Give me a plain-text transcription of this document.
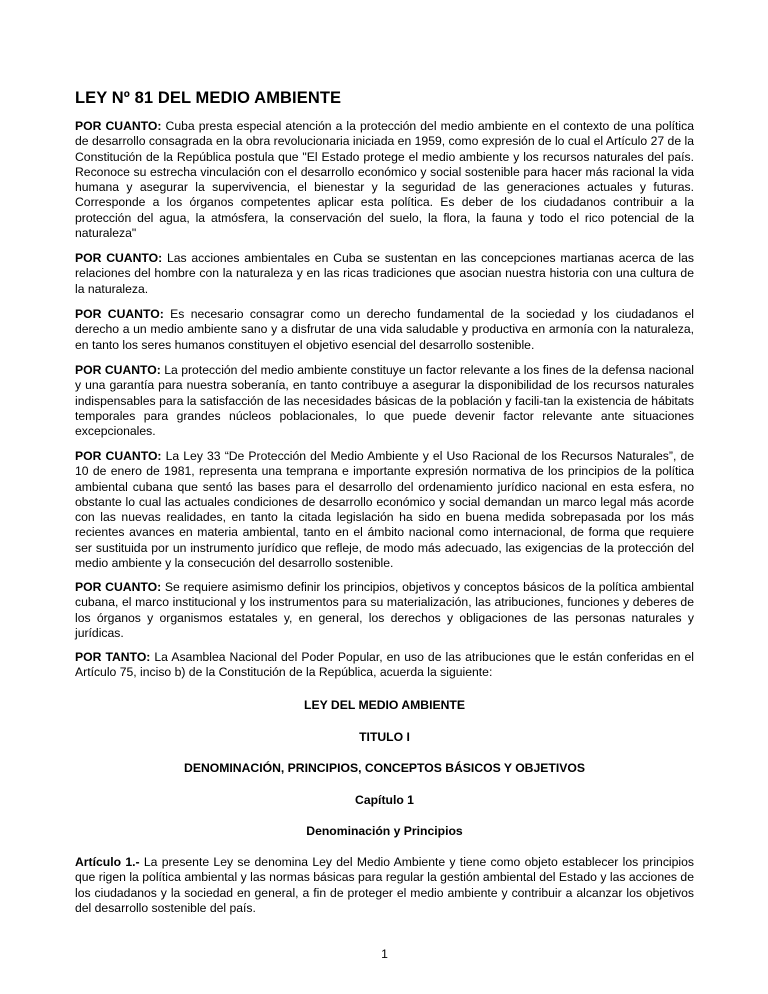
LEY Nº 81 DEL MEDIO AMBIENTE

POR CUANTO: Cuba presta especial atención a la protección del medio ambiente en el contexto de una política de desarrollo consagrada en la obra revolucionaria iniciada en 1959, como expresión de lo cual el Artículo 27 de la Constitución de la República postula que "El Estado protege el medio ambiente y los recursos naturales del país. Reconoce su estrecha vinculación con el desarrollo económico y social sostenible para hacer más racional la vida humana y asegurar la supervivencia, el bienestar y la seguridad de las generaciones actuales y futuras. Corresponde a los órganos competentes aplicar esta política. Es deber de los ciudadanos contribuir a la protección del agua, la atmósfera, la conservación del suelo, la flora, la fauna y todo el rico potencial de la naturaleza"

POR CUANTO: Las acciones ambientales en Cuba se sustentan en las concepciones martianas acerca de las relaciones del hombre con la naturaleza y en las ricas tradiciones que asocian nuestra historia con una cultura de la naturaleza.

POR CUANTO: Es necesario consagrar como un derecho fundamental de la sociedad y los ciudadanos el derecho a un medio ambiente sano y a disfrutar de una vida saludable y productiva en armonía con la naturaleza, en tanto los seres humanos constituyen el objetivo esencial del desarrollo sostenible.

POR CUANTO: La protección del medio ambiente constituye un factor relevante a los fines de la defensa nacional y una garantía para nuestra soberanía, en tanto contribuye a asegurar la disponibilidad de los recursos naturales indispensables para la satisfacción de las necesidades básicas de la población y facili-tan la existencia de hábitats temporales para grandes núcleos poblacionales, lo que puede devenir factor relevante ante situaciones excepcionales.

POR CUANTO: La Ley 33 “De Protección del Medio Ambiente y el Uso Racional de los Recursos Naturales”, de 10 de enero de 1981, representa una temprana e importante expresión normativa de los principios de la política ambiental cubana que sentó las bases para el desarrollo del ordenamiento jurídico nacional en esta esfera, no obstante lo cual las actuales condiciones de desarrollo económico y social demandan un marco legal más acorde con las nuevas realidades, en tanto la citada legislación ha sido en buena medida sobrepasada por los más recientes avances en materia ambiental, tanto en el ámbito nacional como internacional, de forma que requiere ser sustituida por un instrumento jurídico que refleje, de modo más adecuado, las exigencias de la protección del medio ambiente y la consecución del desarrollo sostenible.

POR CUANTO: Se requiere asimismo definir los principios, objetivos y conceptos básicos de la política ambiental cubana, el marco institucional y los instrumentos para su materialización, las atribuciones, funciones y deberes de los órganos y organismos estatales y, en general, los derechos y obligaciones de las personas naturales y jurídicas.

POR TANTO: La Asamblea Nacional del Poder Popular, en uso de las atribuciones que le están conferidas en el Artículo 75, inciso b) de la Constitución de la República, acuerda la siguiente:

LEY DEL MEDIO AMBIENTE

TITULO I

DENOMINACIÓN, PRINCIPIOS, CONCEPTOS BÁSICOS Y OBJETIVOS

Capítulo 1

Denominación y Principios

Artículo 1.- La presente Ley se denomina Ley del Medio Ambiente y tiene como objeto establecer los principios que rigen la política ambiental y las normas básicas para regular la gestión ambiental del Estado y las acciones de los ciudadanos y la sociedad en general, a fin de proteger el medio ambiente y contribuir a alcanzar los objetivos del desarrollo sostenible del país.

1
